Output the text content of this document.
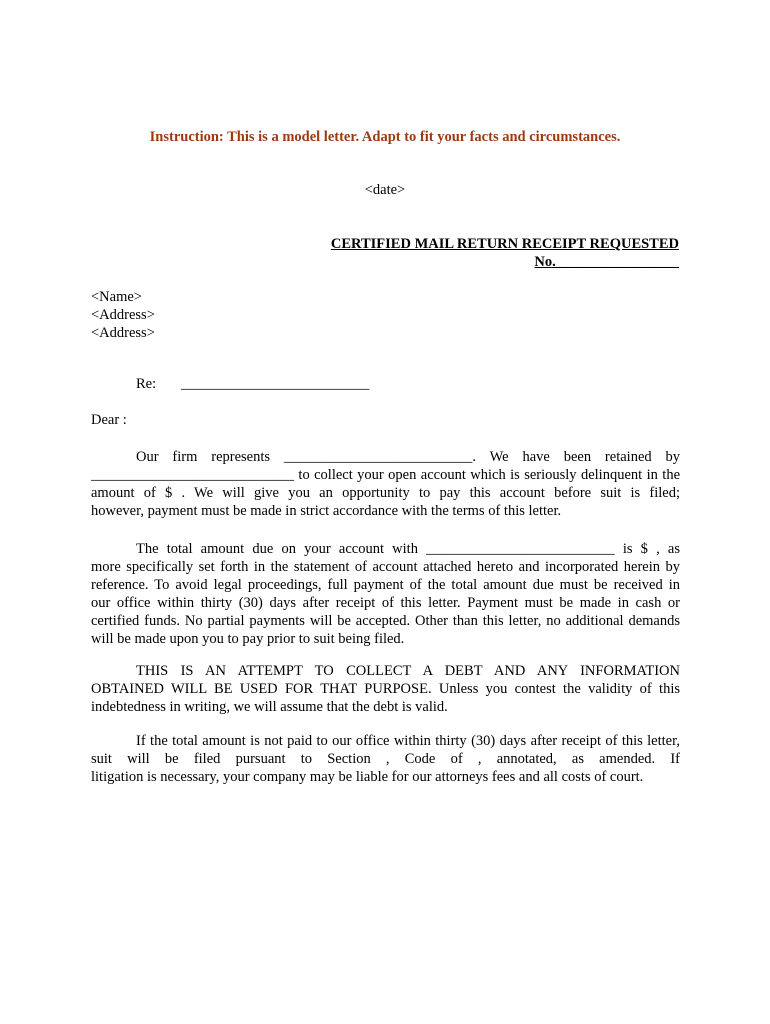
Instruction: This is a model letter. Adapt to fit your facts and circumstances.
<date>
CERTIFIED MAIL RETURN RECEIPT REQUESTED
No._________________
<Name>
<Address>
<Address>
Re: __________________________
Dear :
Our firm represents __________________________. We have been retained by
____________________________ to collect your open account which is seriously delinquent in the
amount of $ . We will give you an opportunity to pay this account before suit is filed;
however, payment must be made in strict accordance with the terms of this letter.
The total amount due on your account with __________________________ is $ , as
more specifically set forth in the statement of account attached hereto and incorporated herein by
reference. To avoid legal proceedings, full payment of the total amount due must be received in
our office within thirty (30) days after receipt of this letter. Payment must be made in cash or
certified funds. No partial payments will be accepted. Other than this letter, no additional demands
will be made upon you to pay prior to suit being filed.
THIS IS AN ATTEMPT TO COLLECT A DEBT AND ANY INFORMATION
OBTAINED WILL BE USED FOR THAT PURPOSE. Unless you contest the validity of this
indebtedness in writing, we will assume that the debt is valid.
If the total amount is not paid to our office within thirty (30) days after receipt of this letter,
suit will be filed pursuant to Section , Code of , annotated, as amended. If
litigation is necessary, your company may be liable for our attorneys fees and all costs of court.
